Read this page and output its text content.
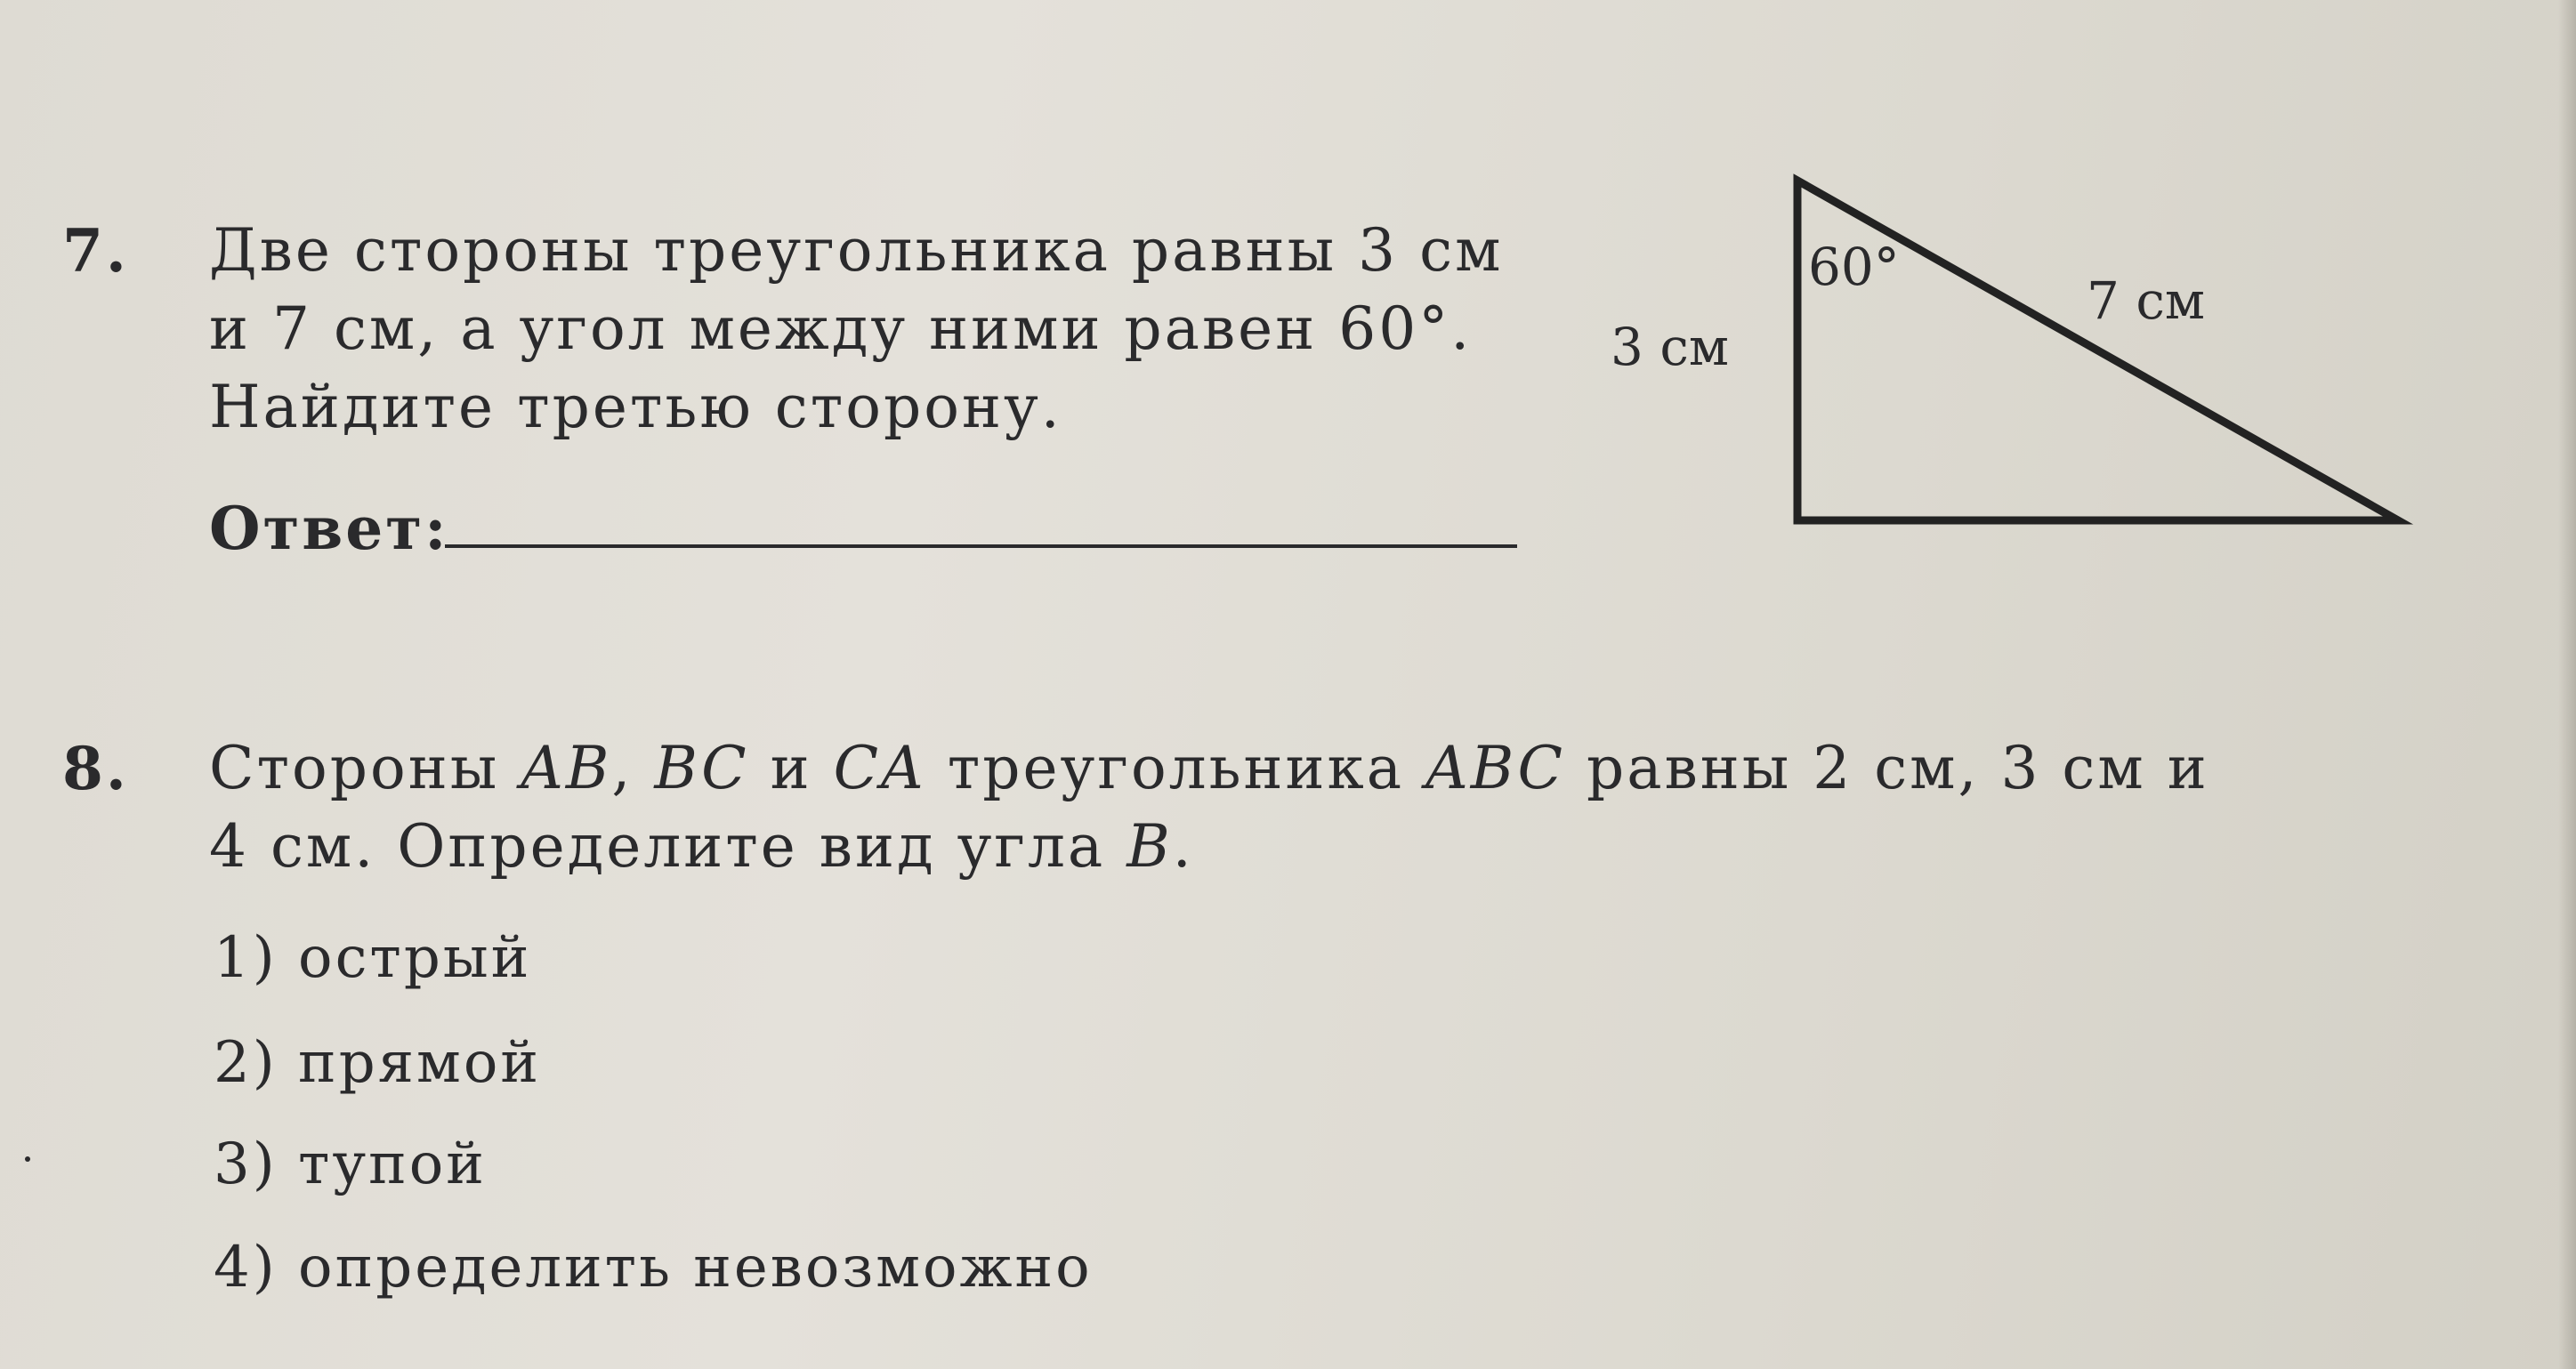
7. Две стороны треугольника равны 3 см
и 7 см, а угол между ними равен 60°.
Найдите третью сторону.
Ответ:
60°
3 см
7 см
8. Стороны AB, BC и CA треугольника ABC равны 2 см, 3 см и
4 см. Определите вид угла B.
1) острый
2) прямой
3) тупой
4) определить невозможно
